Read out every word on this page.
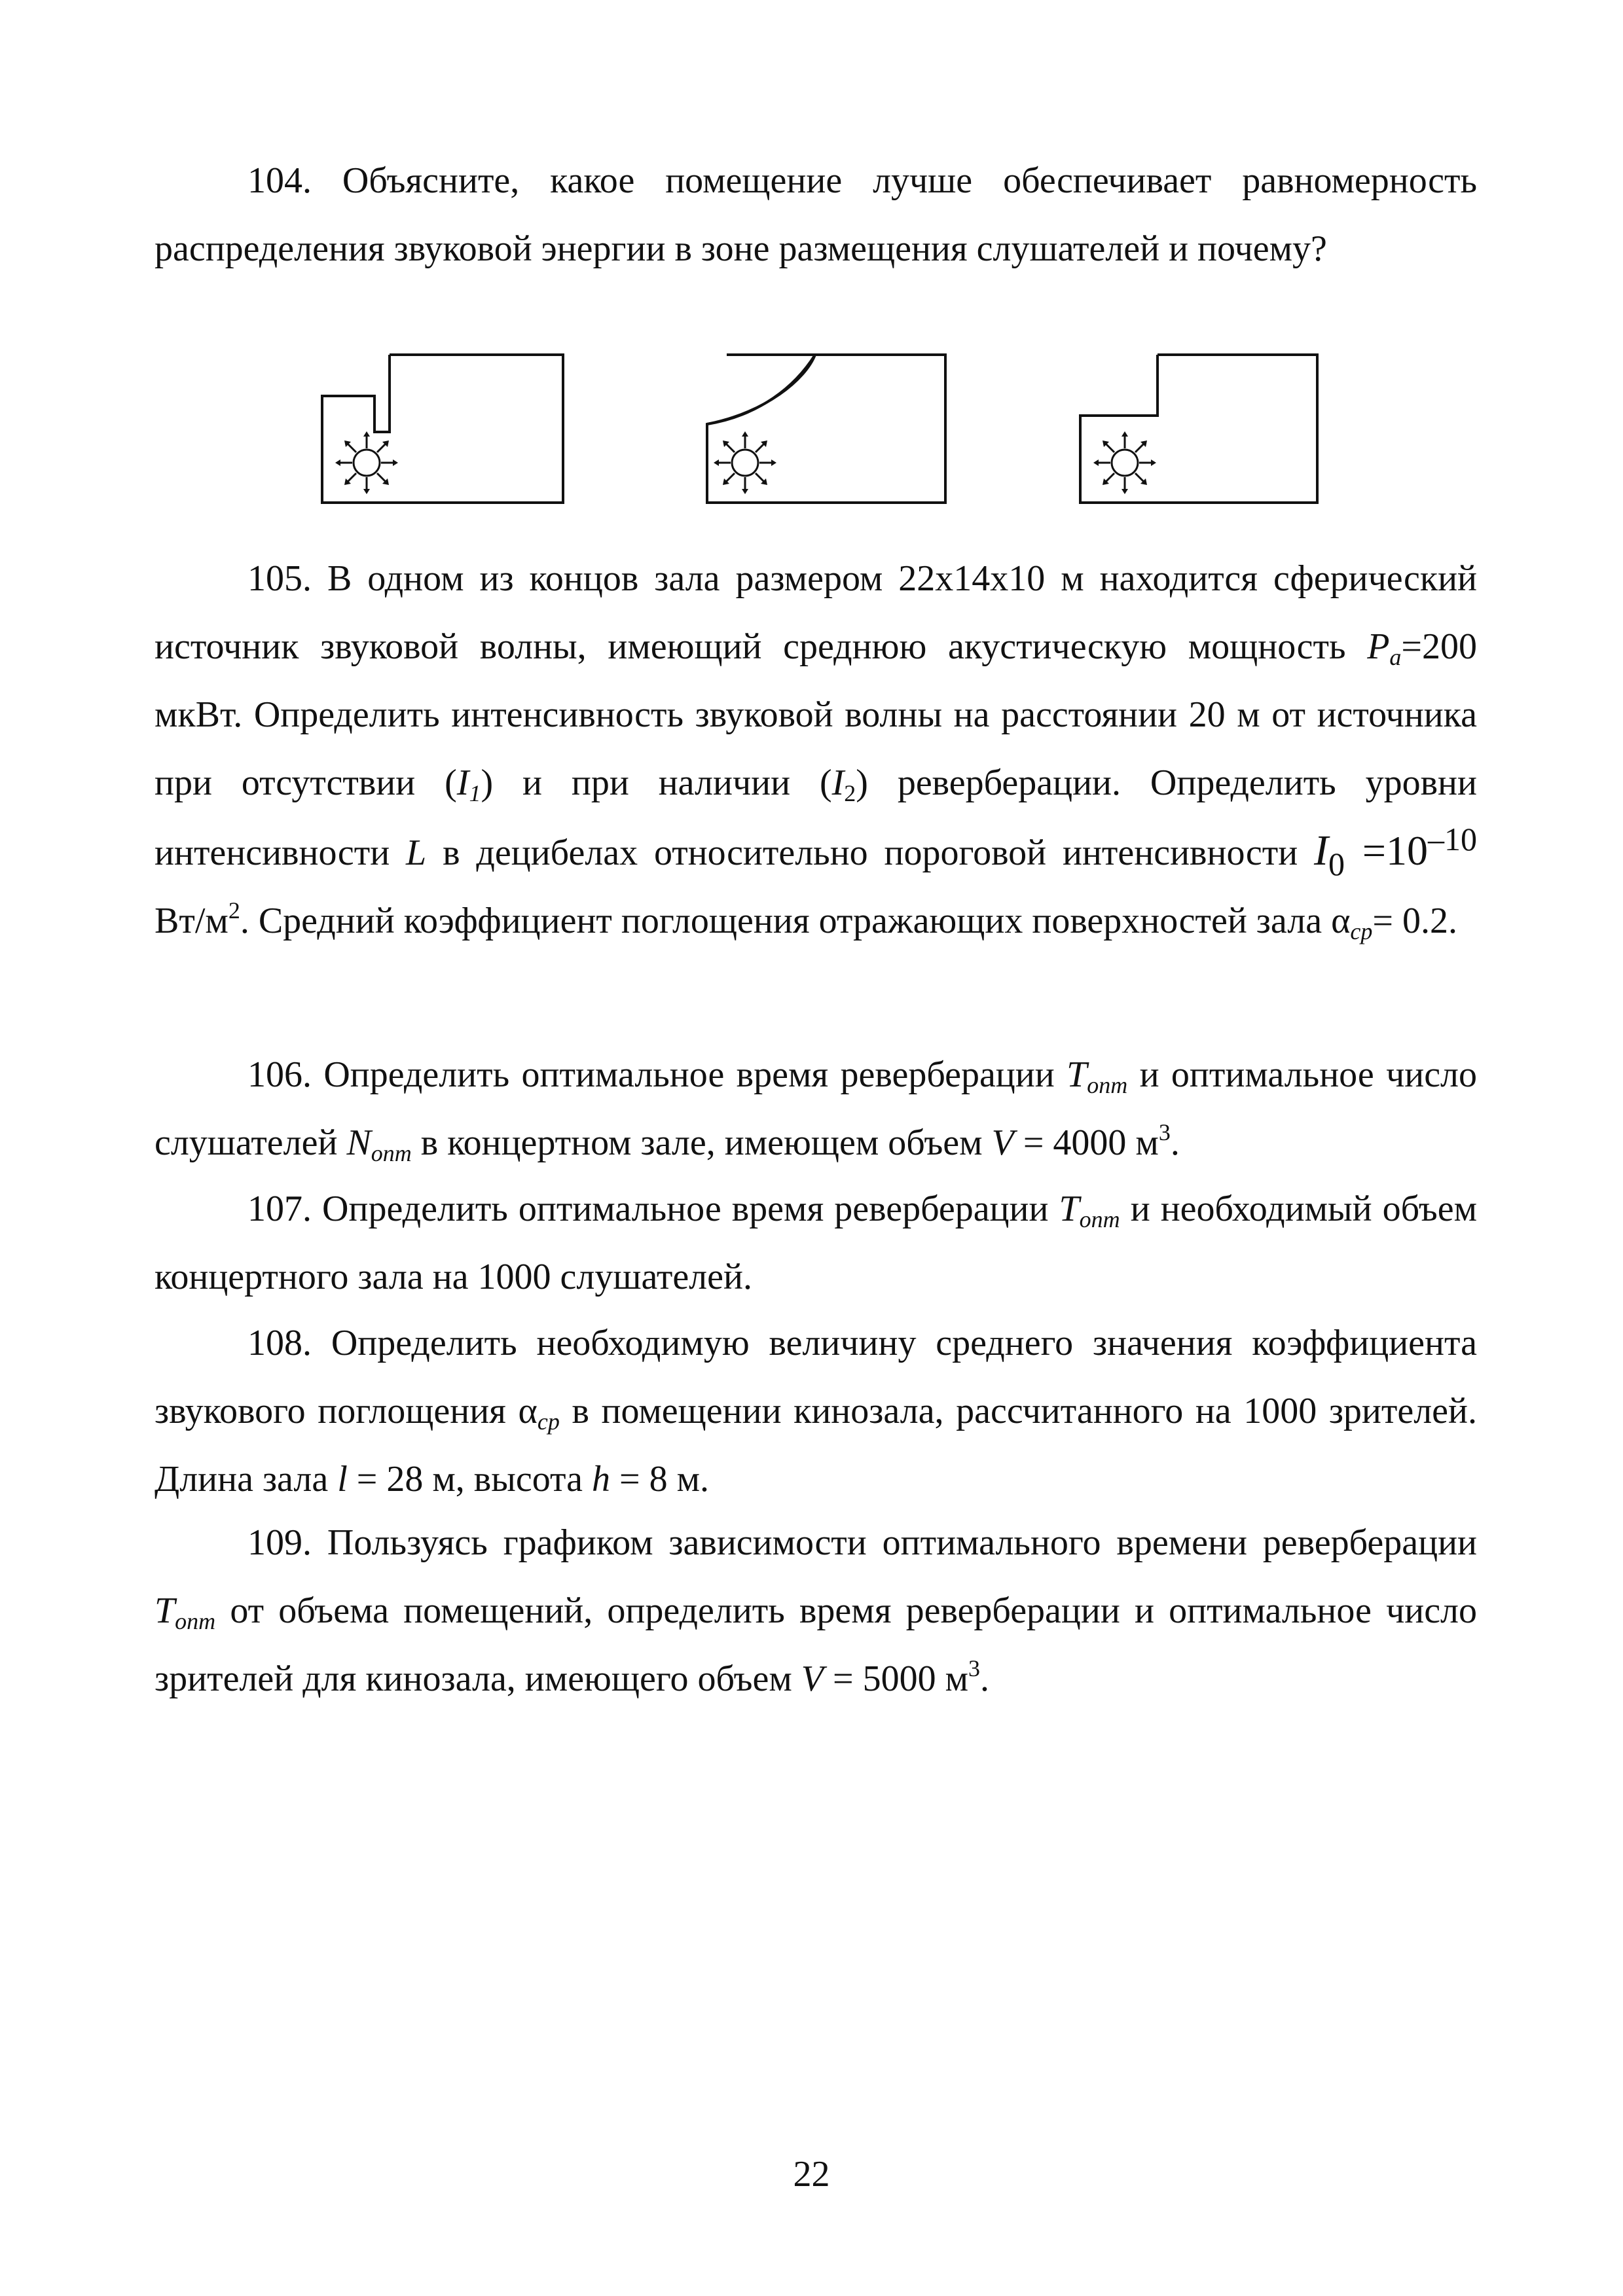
104. Объясните, какое помещение лучше обеспечивает равномерность распределения звуковой энергии в зоне размещения слушателей и почему?

105. В одном из концов зала размером 22х14х10 м находится сферический источник звуковой волны, имеющий среднюю акустическую мощность $P_a=200$ мкВт. Определить интенсивность звуковой волны на расстоянии 20 м от источника при отсутствии $(I_1)$ и при наличии $(I_2)$ реверберации. Определить уровни интенсивности L в децибелах относительно пороговой интенсивности I0 =10–10 $Вт/м^2$. Средний коэффициент поглощения отражающих поверхностей зала $\alpha_{ср}= 0.2$.

106. Определить оптимальное время реверберации $T_{опт}$ и оптимальное число слушателей $N_{опт}$ в концертном зале, имеющем объем V = 4000 $м^3$.

107. Определить оптимальное время реверберации $T_{опт}$ и необходимый объем концертного зала на 1000 слушателей.

108. Определить необходимую величину среднего значения коэффициента звукового поглощения $\alpha_{ср}$ в помещении кинозала, рассчитанного на 1000 зрителей. Длина зала l = 28 м, высота h = 8 м.

109. Пользуясь графиком зависимости оптимального времени реверберации $T_{опт}$ от объема помещений, определить время реверберации и оптимальное число зрителей для кинозала, имеющего объем V = 5000 $м^3$.

22
